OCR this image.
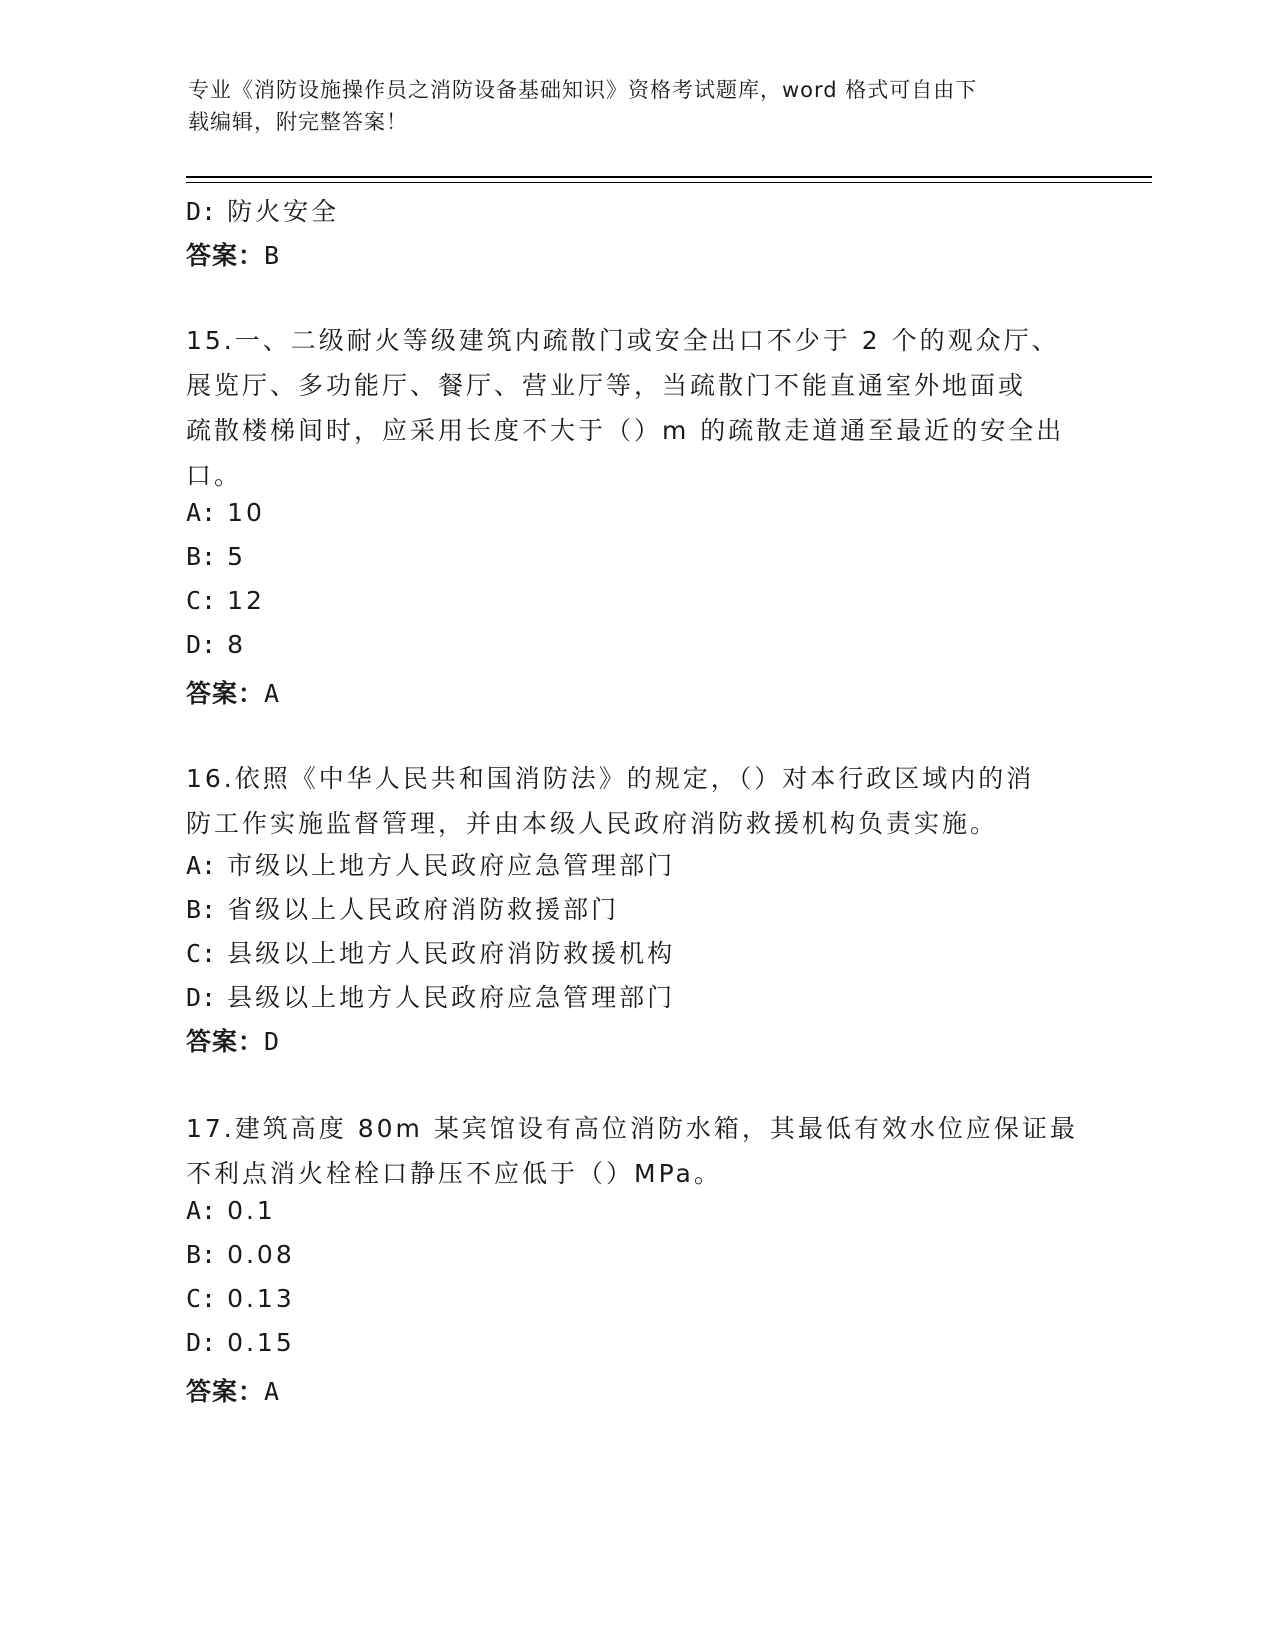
专业《消防设施操作员之消防设备基础知识》资格考试题库，word 格式可自由下
载编辑，附完整答案！
D: 防火安全
答案：B
15.一、二级耐火等级建筑内疏散门或安全出口不少于 2 个的观众厅、
展览厅、多功能厅、餐厅、营业厅等，当疏散门不能直通室外地面或
疏散楼梯间时，应采用长度不大于（）m 的疏散走道通至最近的安全出
口。
A: 10
B: 5
C: 12
D: 8
答案：A
16.依照《中华人民共和国消防法》的规定，（）对本行政区域内的消
防工作实施监督管理，并由本级人民政府消防救援机构负责实施。
A: 市级以上地方人民政府应急管理部门
B: 省级以上人民政府消防救援部门
C: 县级以上地方人民政府消防救援机构
D: 县级以上地方人民政府应急管理部门
答案：D
17.建筑高度 80m 某宾馆设有高位消防水箱，其最低有效水位应保证最
不利点消火栓栓口静压不应低于（）MPa。
A: 0.1
B: 0.08
C: 0.13
D: 0.15
答案：A
